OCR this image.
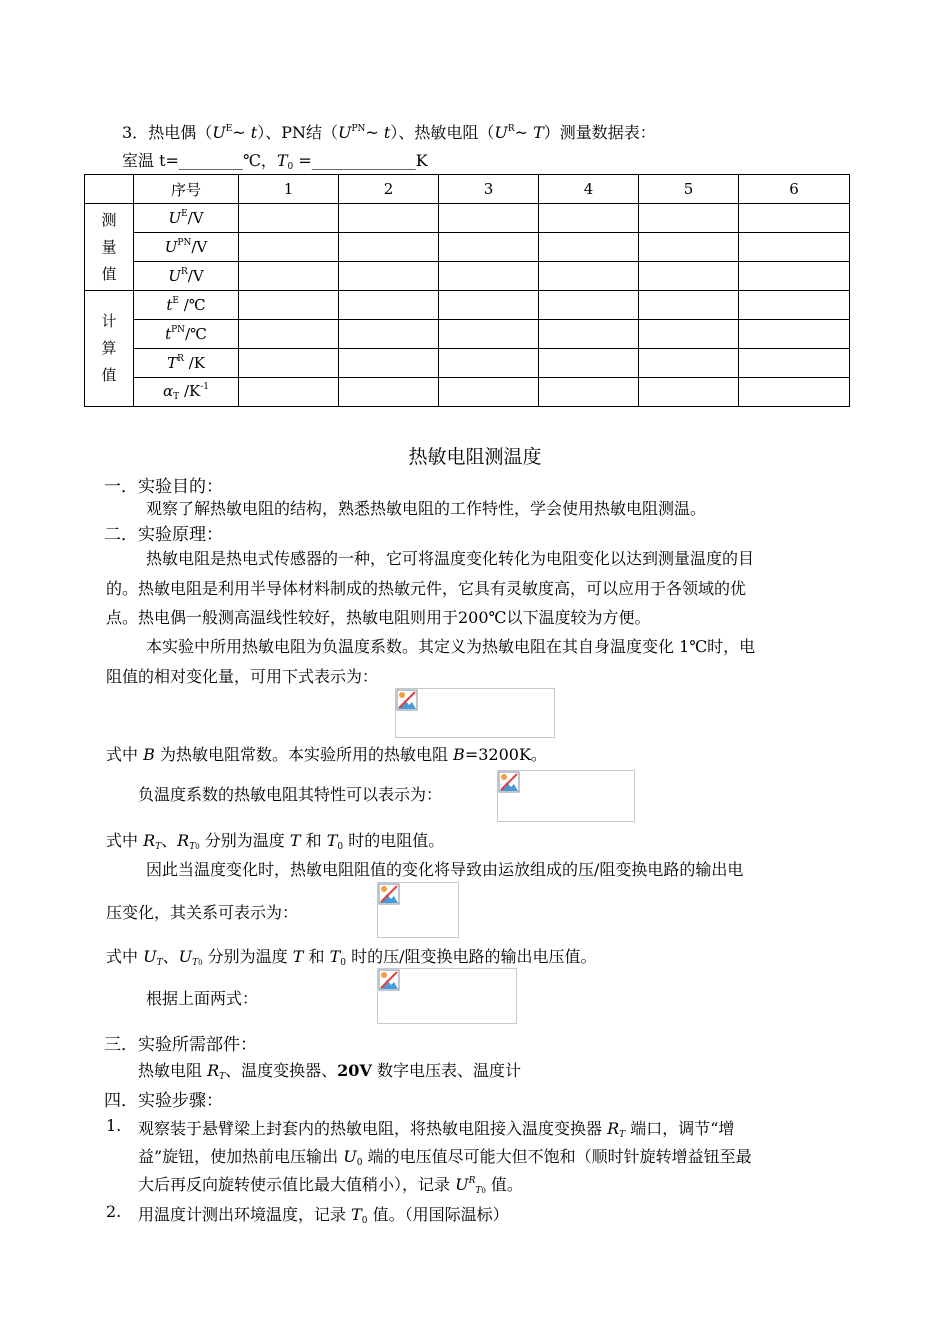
3．热电偶（$U^E\sim$ t）、PN结（$U^{PN}\sim$ t）、热敏电阻（$U^R\sim$ T）测量数据表：
室温 t=________℃，$T_0$ =_____________K
	序号	1	2	3	4	5	6

测
量
值	$U^E/V$						
	$U^{PN}/V$						
	$U^R/V$						

计
算
值	$t^E$ /℃						
	$t^{PN}/℃$						
	$T^R$ /K						
	$\alpha_T$ $/K^{-1}$						
热敏电阻测温度
一．实验目的：
观察了解热敏电阻的结构，熟悉热敏电阻的工作特性，学会使用热敏电阻测温。
二．实验原理：
热敏电阻是热电式传感器的一种，它可将温度变化转化为电阻变化以达到测量温度的目
的。热敏电阻是利用半导体材料制成的热敏元件，它具有灵敏度高，可以应用于各领域的优
点。热电偶一般测高温线性较好，热敏电阻则用于200℃以下温度较为方便。
本实验中所用热敏电阻为负温度系数。其定义为热敏电阻在其自身温度变化 1℃时，电
阻值的相对变化量，可用下式表示为：
式中 B 为热敏电阻常数。本实验所用的热敏电阻 B=3200K。
负温度系数的热敏电阻其特性可以表示为：
式中 $R_T$、$R_{T0}$ 分别为温度 T 和 $T_0$ 时的电阻值。
因此当温度变化时，热敏电阻阻值的变化将导致由运放组成的压/阻变换电路的输出电
压变化，其关系可表示为：
式中 $U_T$、$U_{T0}$ 分别为温度 T 和 $T_0$ 时的压/阻变换电路的输出电压值。
根据上面两式：
三．实验所需部件：
热敏电阻 $R_T$、温度变换器、20V 数字电压表、温度计
四．实验步骤：
1. 观察装于悬臂梁上封套内的热敏电阻，将热敏电阻接入温度变换器 $R_T$ 端口，调节“增
益”旋钮，使加热前电压输出 $U_0$ 端的电压值尽可能大但不饱和（顺时针旋转增益钮至最
大后再反向旋转使示值比最大值稍小），记录 $U^R_{T0}$ 值。
2. 用温度计测出环境温度，记录 $T_0$ 值。（用国际温标）
